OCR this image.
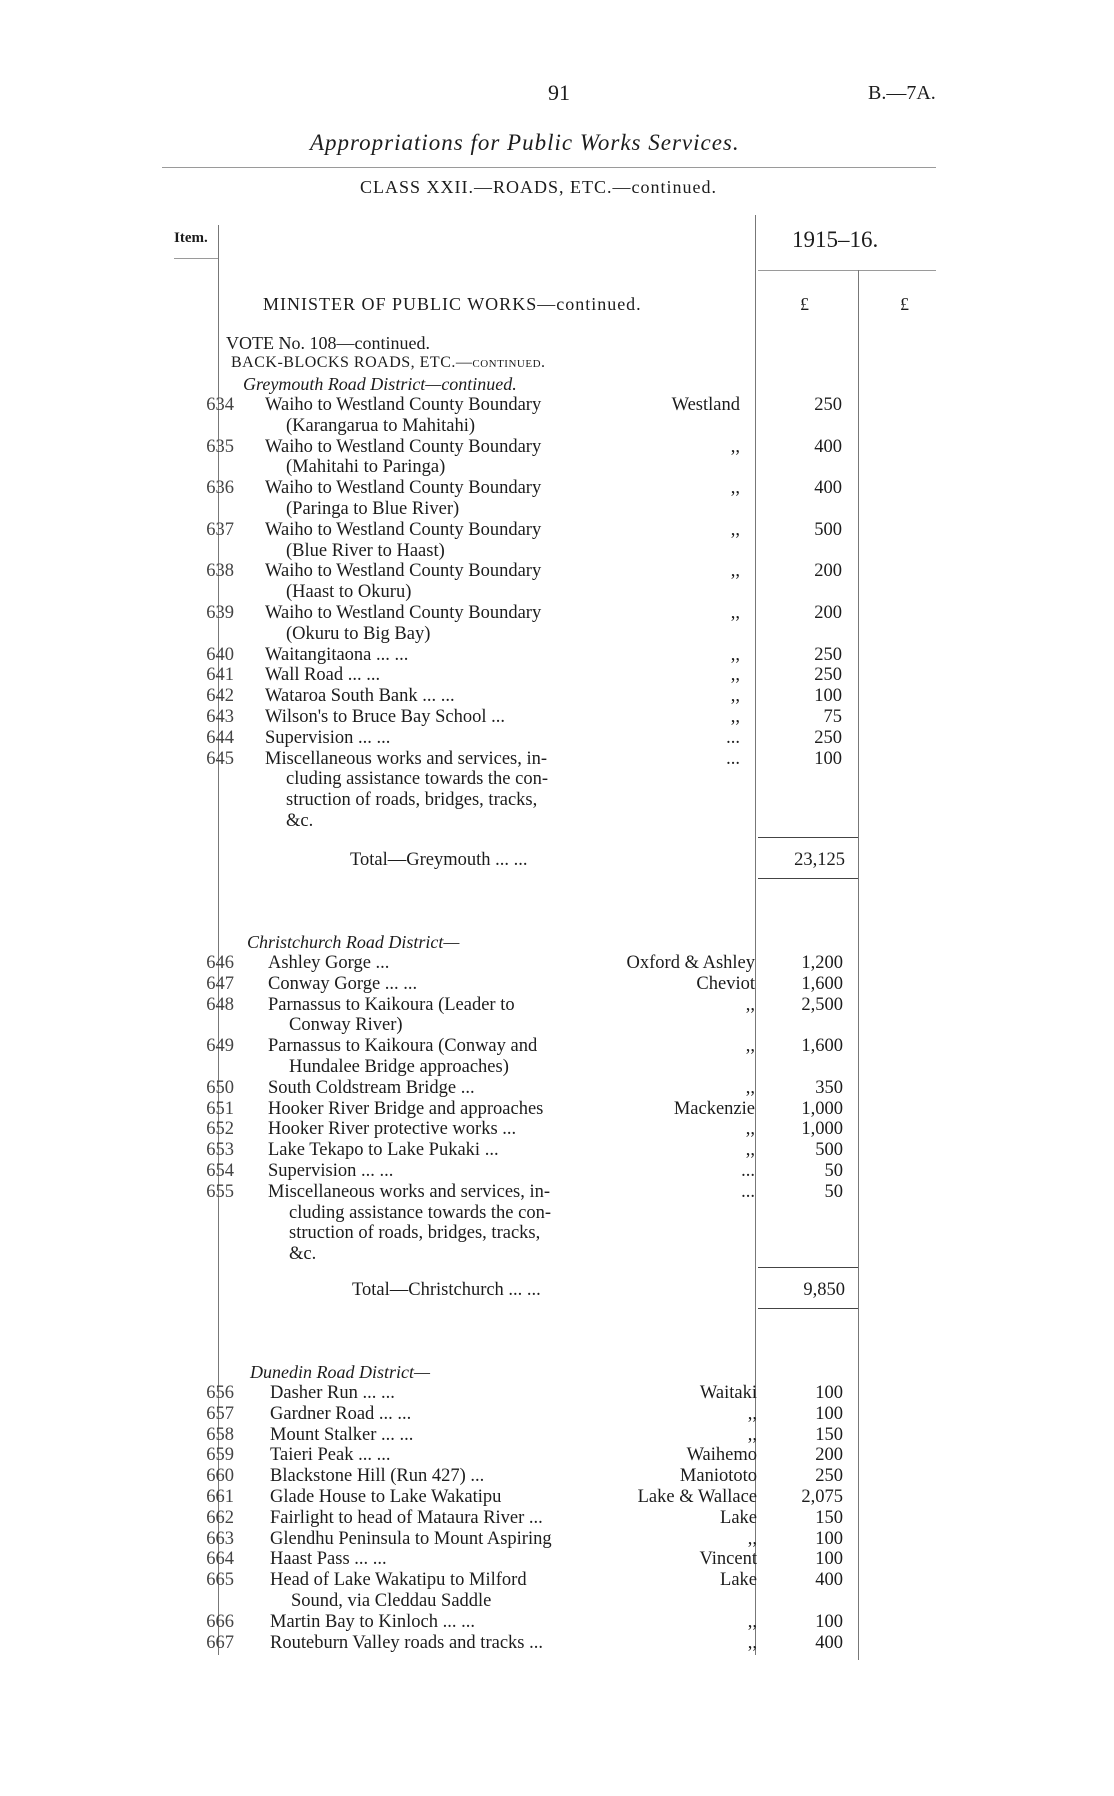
91	B.—7A.
Appropriations for Public Works Services.
CLASS XXII.—ROADS, ETC.—continued.
Item.	1915–16.
£	£
MINISTER OF PUBLIC WORKS—continued.
VOTE No. 108—continued.
BACK-BLOCKS ROADS, ETC.—continued.
Greymouth Road District—continued.
634 Waiho to Westland County Boundary	Westland	250
(Karangarua to Mahitahi)
635 Waiho to Westland County Boundary	,,	400
(Mahitahi to Paringa)
636 Waiho to Westland County Boundary	,,	400
(Paringa to Blue River)
637 Waiho to Westland County Boundary	,,	500
(Blue River to Haast)
638 Waiho to Westland County Boundary	,,	200
(Haast to Okuru)
639 Waiho to Westland County Boundary	,,	200
(Okuru to Big Bay)
640 Waitangitaona ... ...	,,	250
641 Wall Road ... ...	,,	250
642 Wataroa South Bank ... ...	,,	100
643 Wilson's to Bruce Bay School ...	,,	75
644 Supervision ... ...	...	250
645 Miscellaneous works and services, in-	...	100
cluding assistance towards the con-
struction of roads, bridges, tracks,
&c.
Total—Greymouth ... ...	23,125
Christchurch Road District—
646 Ashley Gorge ...	Oxford & Ashley	1,200
647 Conway Gorge ... ...	Cheviot	1,600
648 Parnassus to Kaikoura (Leader to	,,	2,500
Conway River)
649 Parnassus to Kaikoura (Conway and	,,	1,600
Hundalee Bridge approaches)
650 South Coldstream Bridge ...	,,	350
651 Hooker River Bridge and approaches	Mackenzie	1,000
652 Hooker River protective works ...	,,	1,000
653 Lake Tekapo to Lake Pukaki ...	,,	500
654 Supervision ... ...	...	50
655 Miscellaneous works and services, in-	...	50
cluding assistance towards the con-
struction of roads, bridges, tracks,
&c.
Total—Christchurch ... ...	9,850
Dunedin Road District—
656 Dasher Run ... ...	Waitaki	100
657 Gardner Road ... ...	,,	100
658 Mount Stalker ... ...	,,	150
659 Taieri Peak ... ...	Waihemo	200
660 Blackstone Hill (Run 427) ...	Maniototo	250
661 Glade House to Lake Wakatipu	Lake & Wallace	2,075
662 Fairlight to head of Mataura River ...	Lake	150
663 Glendhu Peninsula to Mount Aspiring	,,	100
664 Haast Pass ... ...	Vincent	100
665 Head of Lake Wakatipu to Milford	Lake	400
Sound, via Cleddau Saddle
666 Martin Bay to Kinloch ... ...	,,	100
667 Routeburn Valley roads and tracks ...	,,	400
